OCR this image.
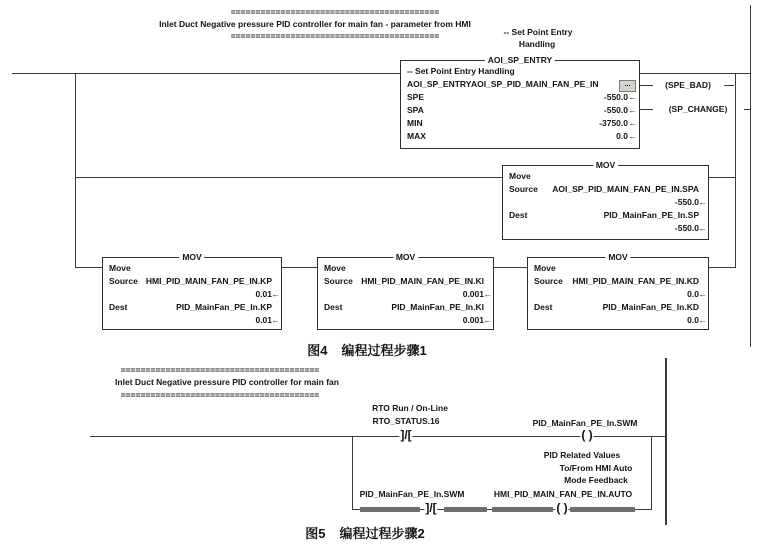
==========================================
Inlet Duct Negative pressure PID controller for main fan - parameter from HMI
==========================================	-- Set Point Entry
Handling
AOI_SP_ENTRY
-- Set Point Entry Handling
AOI_SP_ENTRY AOI_SP_PID_MAIN_FAN_PE_IN	...
SPE	-550.0 ←
SPA	-550.0 ←
MIN	-3750.0 ←
MAX	0.0 ←
(SPE_BAD)
(SP_CHANGE)
MOV
Move
Source AOI_SP_PID_MAIN_FAN_PE_IN.SPA
-550.0 ←
Dest	PID_MainFan_PE_In.SP
-550.0 ←
MOV
Move
Source HMI_PID_MAIN_FAN_PE_IN.KP
0.01 ←
Dest	PID_MainFan_PE_In.KP
0.01 ←
MOV
Move
Source HMI_PID_MAIN_FAN_PE_IN.KI
0.001 ←
Dest	PID_MainFan_PE_In.KI
0.001 ←
MOV
Move
Source HMI_PID_MAIN_FAN_PE_IN.KD
0.0 ←
Dest	PID_MainFan_PE_In.KD
0.0 ←
图4 编程过程步骤1
========================================
Inlet Duct Negative pressure PID controller for main fan
========================================
RTO Run / On-Line
RTO_STATUS.16	PID_MainFan_PE_In.SWM
]/[	( )
PID Related Values
To/From HMI Auto
Mode Feedback
PID_MainFan_PE_In.SWM	HMI_PID_MAIN_FAN_PE_IN.AUTO
]/[	( )
图5 编程过程步骤2
